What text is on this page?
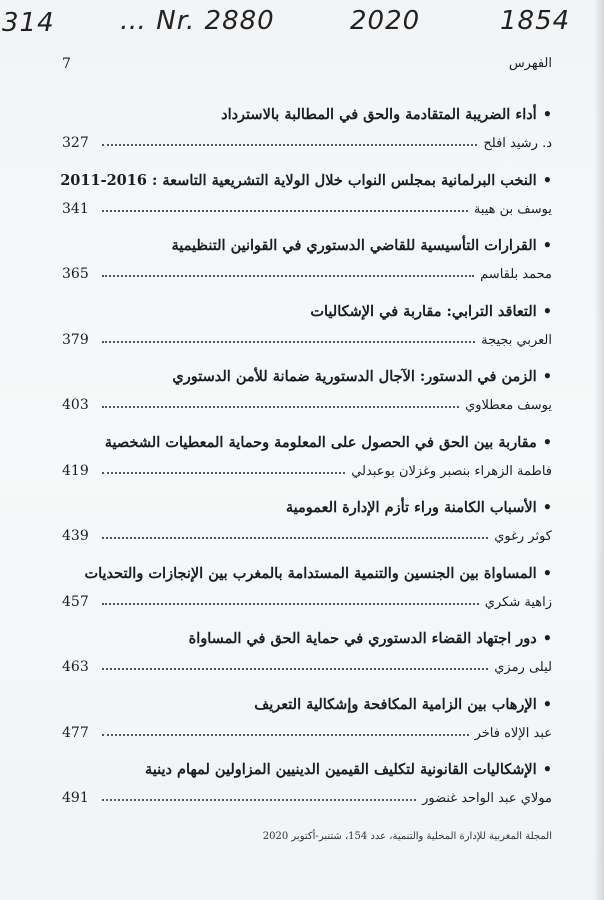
314	… Nr. 2880	2020	1854
7	الفهرس
•أداء الضريبة المتقادمة والحق في المطالبة بالاسترداد
327	د. رشيد افلح
•النخب البرلمانية بمجلس النواب خلال الولاية التشريعية التاسعة : 2016-2011
341	يوسف بن هيبة
•القرارات التأسيسية للقاضي الدستوري في القوانين التنظيمية
365	محمد بلقاسم
•التعاقد الترابي: مقاربة في الإشكاليات
379	العربي بجيجة
•الزمن في الدستور: الآجال الدستورية ضمانة للأمن الدستوري
403	يوسف معطلاوي
•مقاربة بين الحق في الحصول على المعلومة وحماية المعطيات الشخصية
419	فاطمة الزهراء بنصبر وغزلان بوعبدلي
•الأسباب الكامنة وراء تأزم الإدارة العمومية
439	كوثر رغوي
•المساواة بين الجنسين والتنمية المستدامة بالمغرب بين الإنجازات والتحديات
457	زاهية شكري
•دور اجتهاد القضاء الدستوري في حماية الحق في المساواة
463	ليلى رمزي
•الإرهاب بين الزامية المكافحة وإشكالية التعريف
477	عبد الإلاه فاخر
•الإشكاليات القانونية لتكليف القيمين الدينيين المزاولين لمهام دينية
491	مولاي عبد الواحد غنضور
المجلة المغربية للإدارة المحلية والتنمية، عدد 154، شتنبر-أكتوبر 2020
